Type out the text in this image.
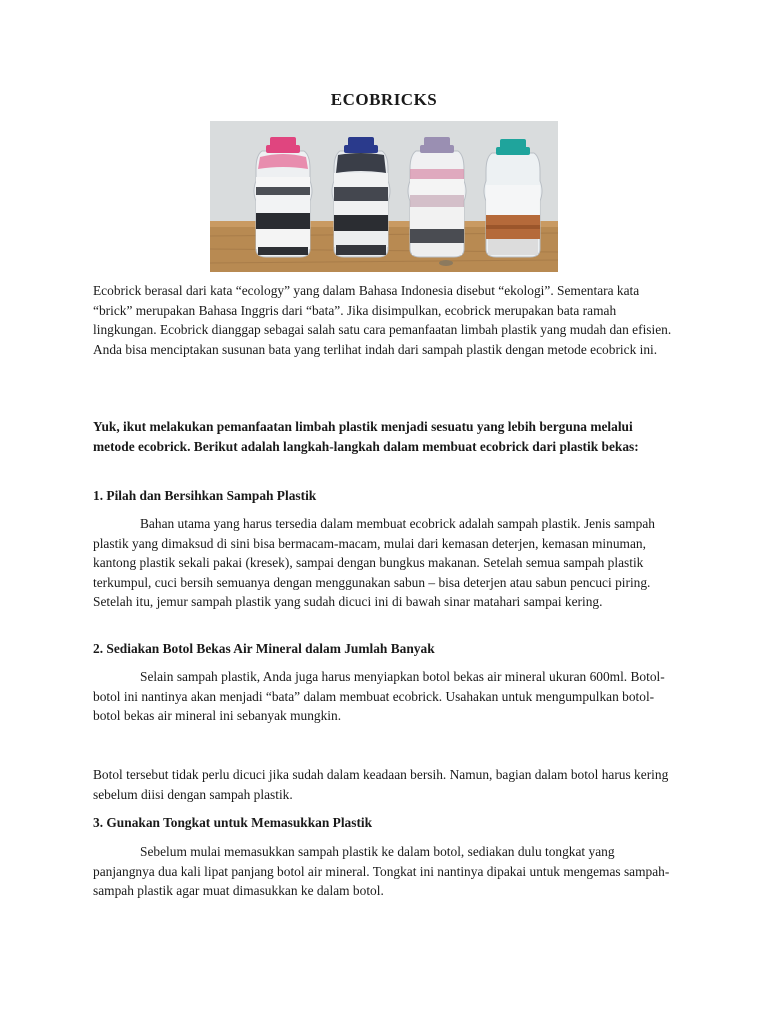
ECOBRICKS

Ecobrick berasal dari kata “ecology” yang dalam Bahasa Indonesia disebut “ekologi”. Sementara kata “brick” merupakan Bahasa Inggris dari “bata”. Jika disimpulkan, ecobrick merupakan bata ramah lingkungan. Ecobrick dianggap sebagai salah satu cara pemanfaatan limbah plastik yang mudah dan efisien. Anda bisa menciptakan susunan bata yang terlihat indah dari sampah plastik dengan metode ecobrick ini.

Yuk, ikut melakukan pemanfaatan limbah plastik menjadi sesuatu yang lebih berguna melalui metode ecobrick. Berikut adalah langkah-langkah dalam membuat ecobrick dari plastik bekas:

1. Pilah dan Bersihkan Sampah Plastik

Bahan utama yang harus tersedia dalam membuat ecobrick adalah sampah plastik. Jenis sampah plastik yang dimaksud di sini bisa bermacam-macam, mulai dari kemasan deterjen, kemasan minuman, kantong plastik sekali pakai (kresek), sampai dengan bungkus makanan. Setelah semua sampah plastik terkumpul, cuci bersih semuanya dengan menggunakan sabun – bisa deterjen atau sabun pencuci piring. Setelah itu, jemur sampah plastik yang sudah dicuci ini di bawah sinar matahari sampai kering.

2. Sediakan Botol Bekas Air Mineral dalam Jumlah Banyak

Selain sampah plastik, Anda juga harus menyiapkan botol bekas air mineral ukuran 600ml. Botol-botol ini nantinya akan menjadi “bata” dalam membuat ecobrick. Usahakan untuk mengumpulkan botol-botol bekas air mineral ini sebanyak mungkin.

Botol tersebut tidak perlu dicuci jika sudah dalam keadaan bersih. Namun, bagian dalam botol harus kering sebelum diisi dengan sampah plastik.

3. Gunakan Tongkat untuk Memasukkan Plastik

Sebelum mulai memasukkan sampah plastik ke dalam botol, sediakan dulu tongkat yang panjangnya dua kali lipat panjang botol air mineral. Tongkat ini nantinya dipakai untuk mengemas sampah-sampah plastik agar muat dimasukkan ke dalam botol.
